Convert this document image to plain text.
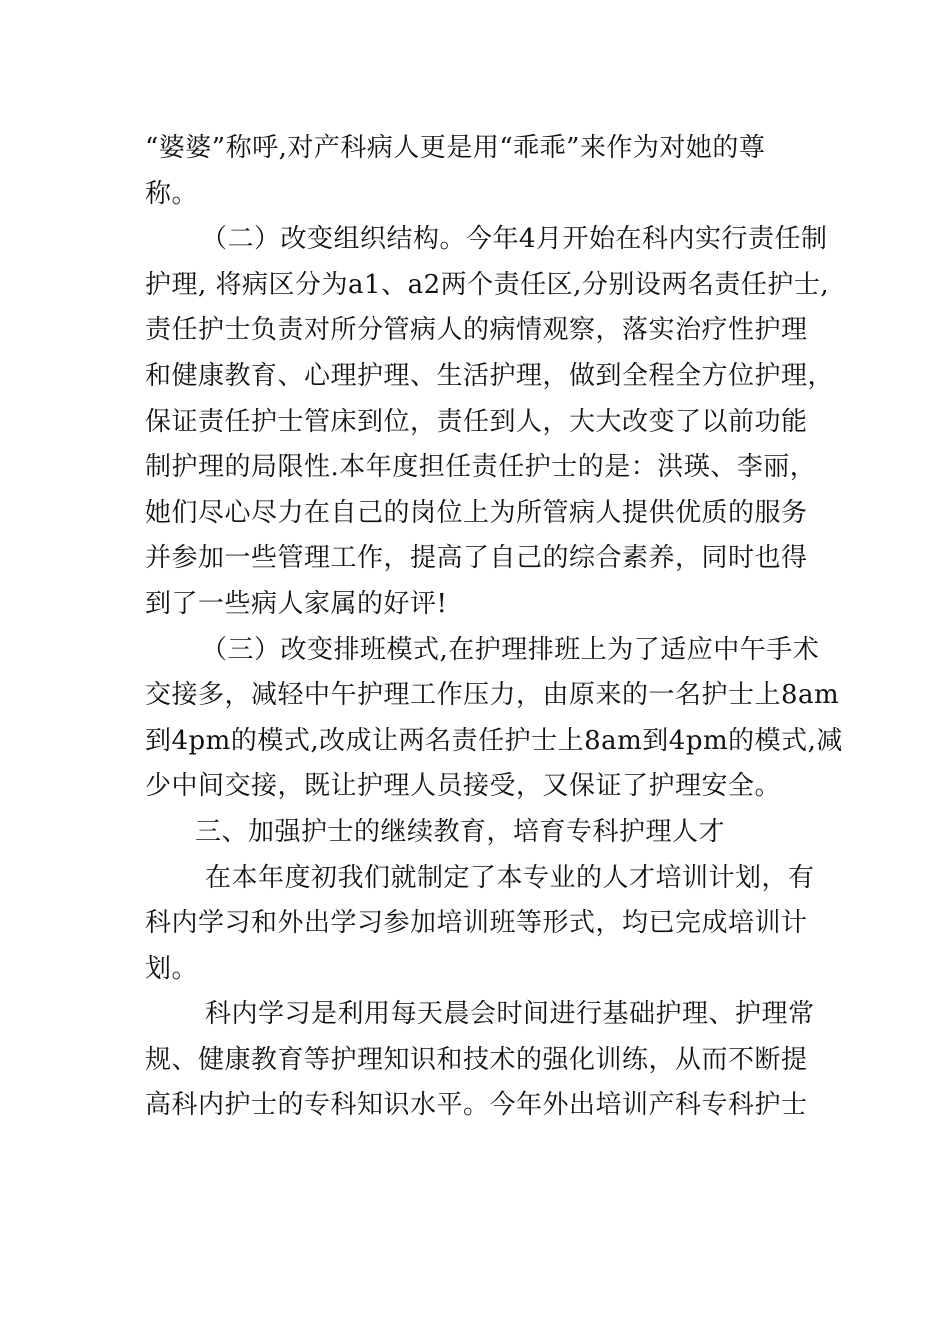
“婆婆”称呼,对产科病人更是用“乖乖”来作为对她的尊
称。
（二）改变组织结构。今年4月开始在科内实行责任制
护理, 将病区分为a1、a2两个责任区,分别设两名责任护士,
责任护士负责对所分管病人的病情观察，落实治疗性护理
和健康教育、心理护理、生活护理，做到全程全方位护理，
保证责任护士管床到位，责任到人，大大改变了以前功能
制护理的局限性.本年度担任责任护士的是：洪瑛、李丽，
她们尽心尽力在自己的岗位上为所管病人提供优质的服务
并参加一些管理工作，提高了自己的综合素养，同时也得
到了一些病人家属的好评!
（三）改变排班模式,在护理排班上为了适应中午手术
交接多，减轻中午护理工作压力，由原来的一名护士上8am
到4pm的模式,改成让两名责任护士上8am到4pm的模式,减
少中间交接，既让护理人员接受，又保证了护理安全。
三、加强护士的继续教育，培育专科护理人才
在本年度初我们就制定了本专业的人才培训计划，有
科内学习和外出学习参加培训班等形式，均已完成培训计
划。
科内学习是利用每天晨会时间进行基础护理、护理常
规、健康教育等护理知识和技术的强化训练，从而不断提
高科内护士的专科知识水平。今年外出培训产科专科护士
